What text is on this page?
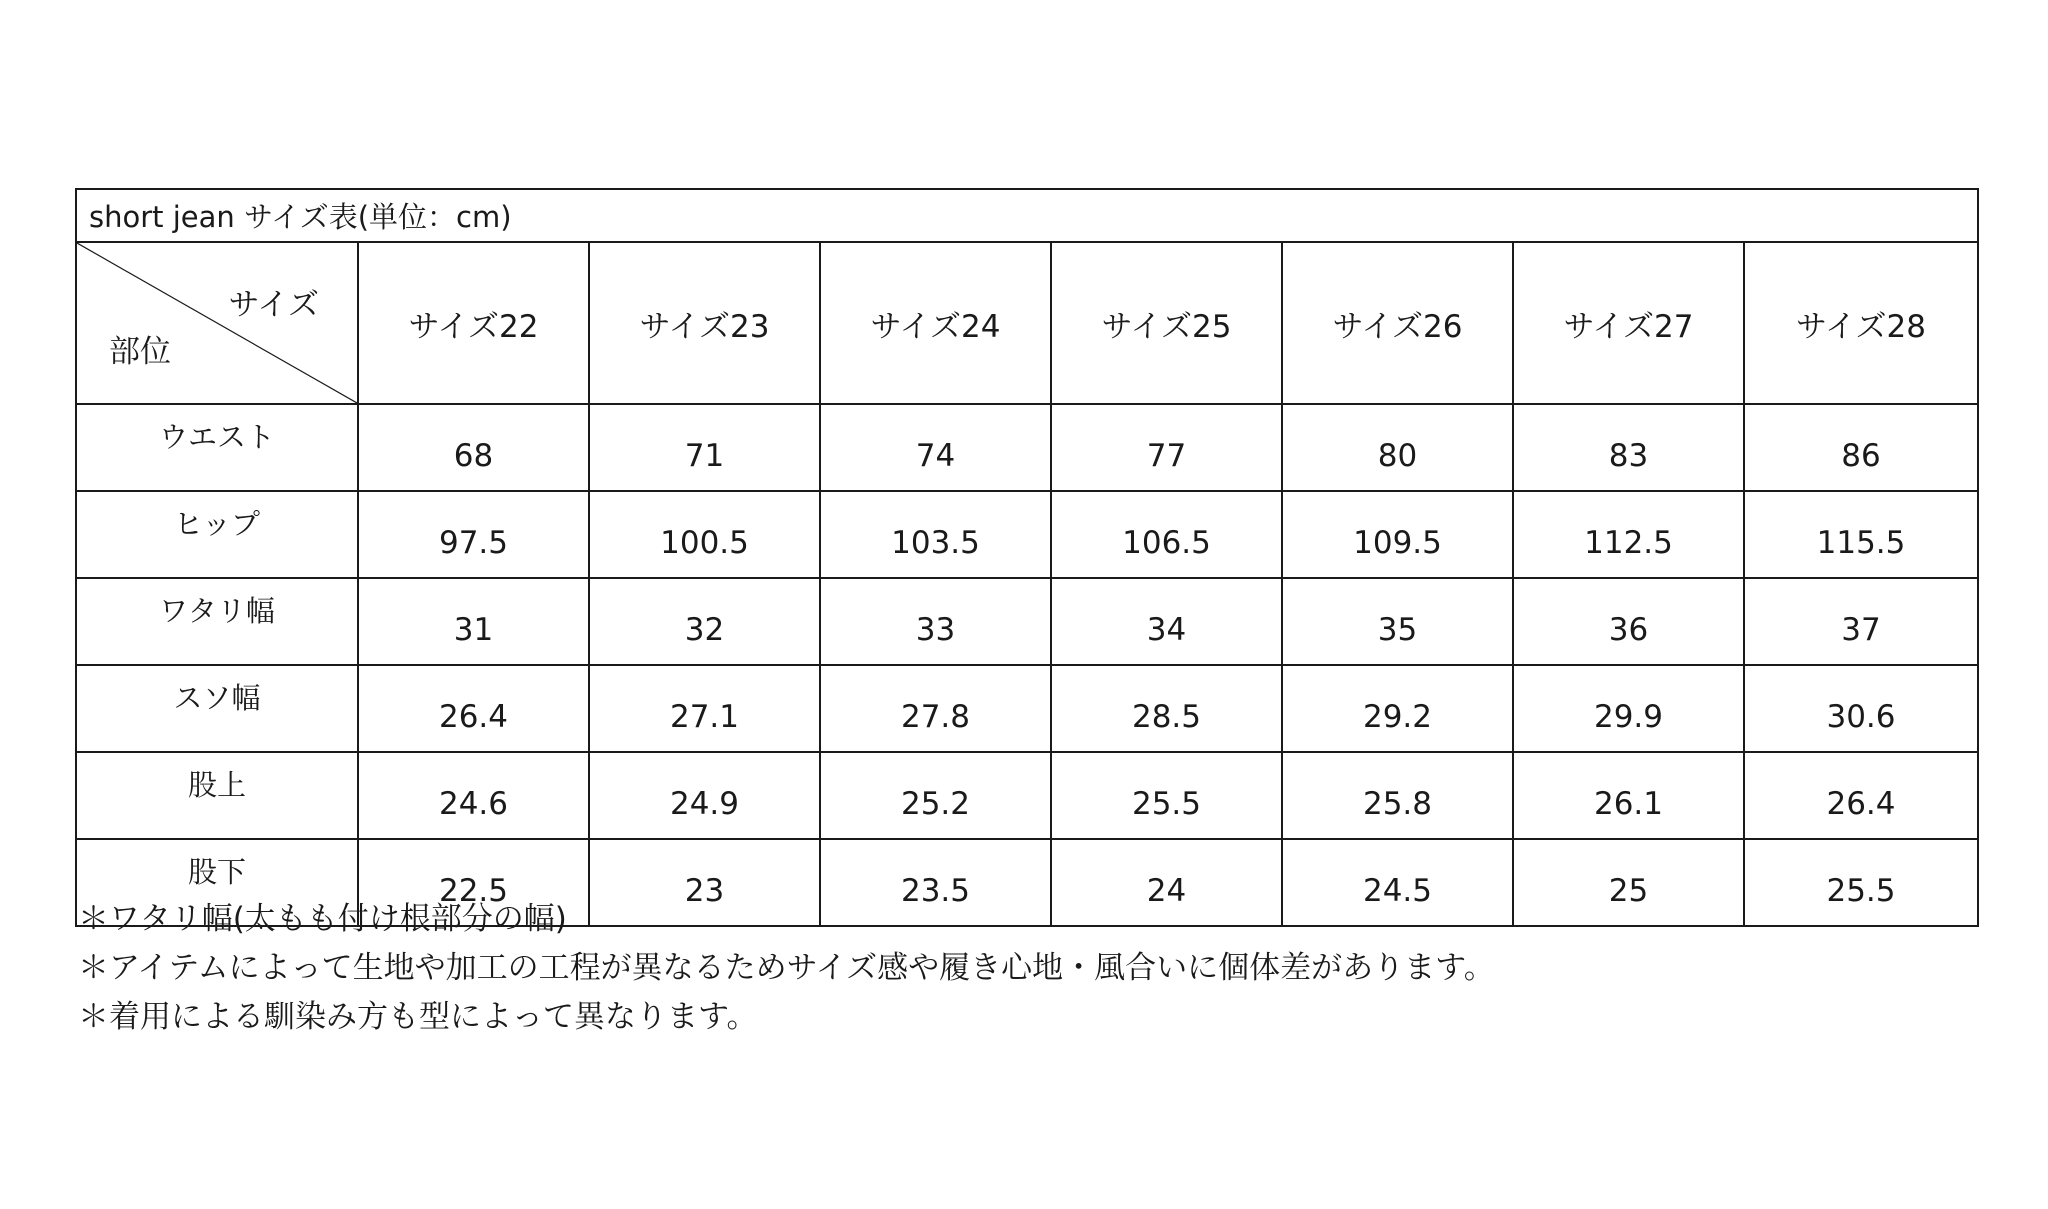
short jean サイズ表(単位：cm)							

サイズ
部位	サイズ22	サイズ23	サイズ24	サイズ25	サイズ26	サイズ27	サイズ28
ウエスト	68	71	74	77	80	83	86
ヒップ	97.5	100.5	103.5	106.5	109.5	112.5	115.5
ワタリ幅	31	32	33	34	35	36	37
スソ幅	26.4	27.1	27.8	28.5	29.2	29.9	30.6
股上	24.6	24.9	25.2	25.5	25.8	26.1	26.4
股下	22.5	23	23.5	24	24.5	25	25.5
＊ワタリ幅(太もも付け根部分の幅)
＊アイテムによって生地や加工の工程が異なるためサイズ感や履き心地・風合いに個体差があります。
＊着用による馴染み方も型によって異なります。
